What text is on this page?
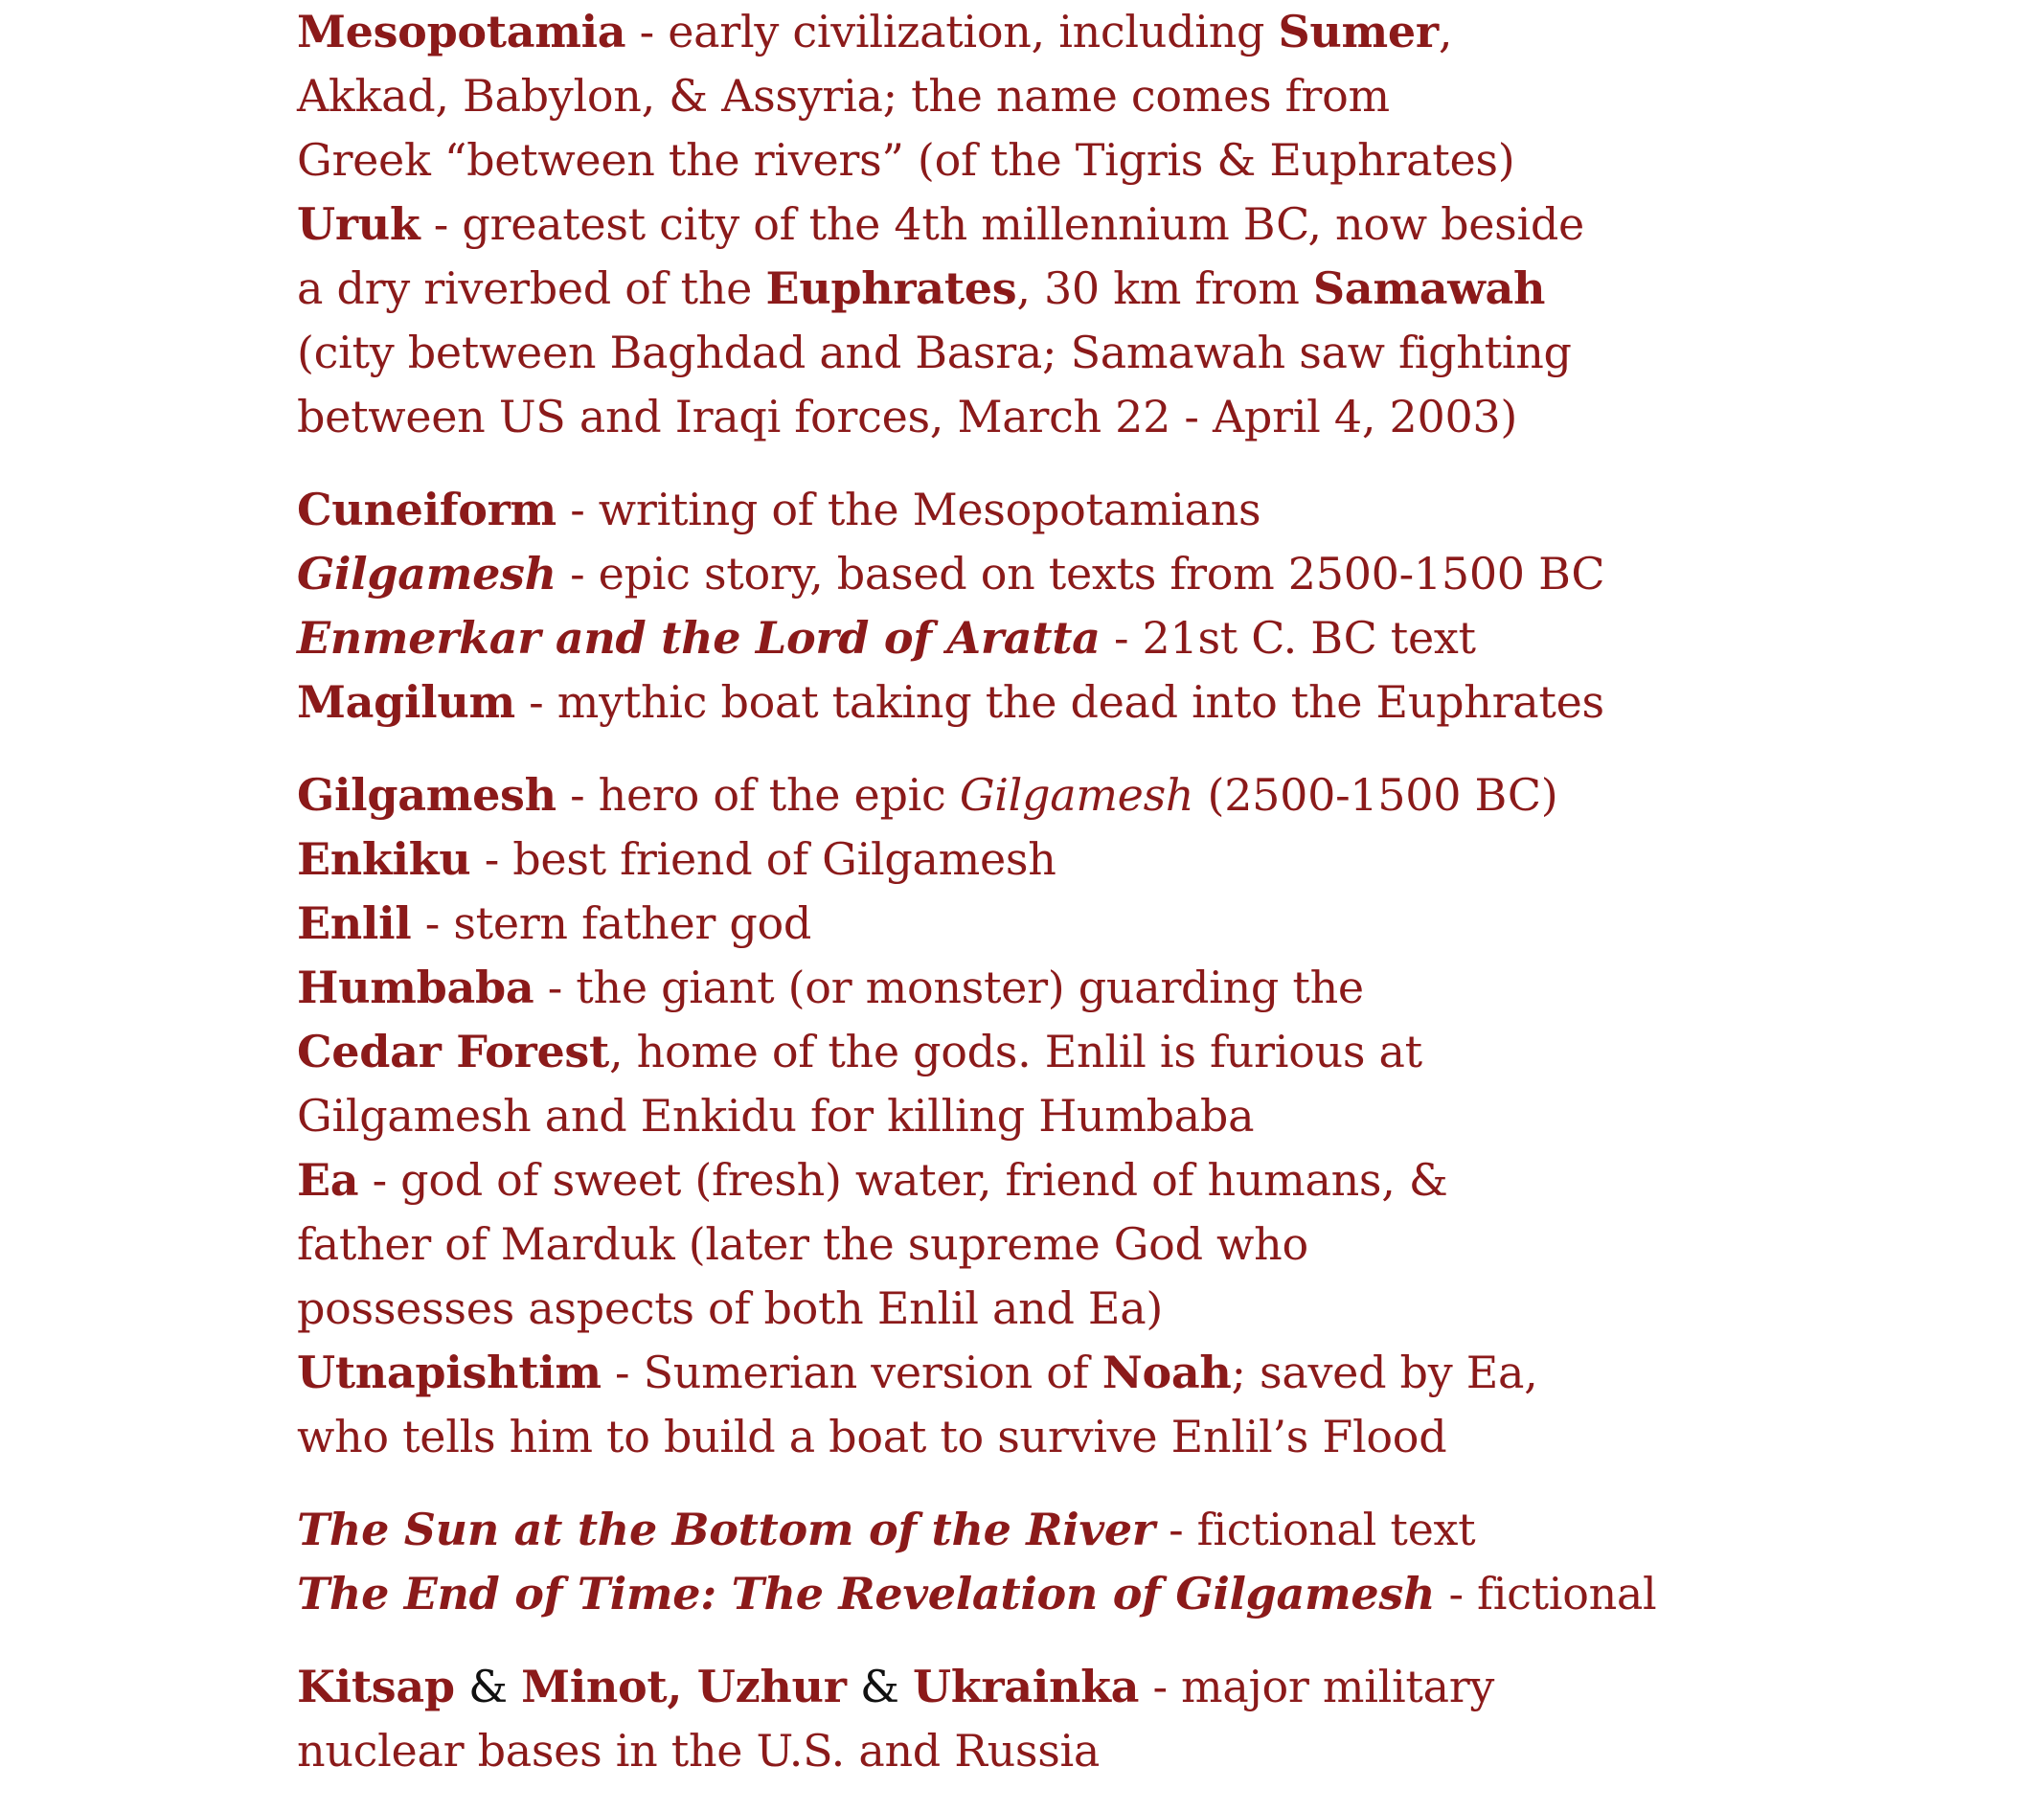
Mesopotamia - early civilization, including Sumer,
Akkad, Babylon, & Assyria; the name comes from
Greek “between the rivers” (of the Tigris & Euphrates)

Uruk - greatest city of the 4th millennium BC, now beside
a dry riverbed of the Euphrates, 30 km from Samawah
(city between Baghdad and Basra; Samawah saw fighting
between US and Iraqi forces, March 22 - April 4, 2003)

Cuneiform - writing of the Mesopotamians

Gilgamesh - epic story, based on texts from 2500-1500 BC

Enmerkar and the Lord of Aratta - 21st C. BC text

Magilum - mythic boat taking the dead into the Euphrates

Gilgamesh - hero of the epic Gilgamesh (2500-1500 BC)

Enkiku - best friend of Gilgamesh

Enlil - stern father god

Humbaba - the giant (or monster) guarding the
Cedar Forest, home of the gods. Enlil is furious at
Gilgamesh and Enkidu for killing Humbaba

Ea - god of sweet (fresh) water, friend of humans, &
father of Marduk (later the supreme God who
possesses aspects of both Enlil and Ea)

Utnapishtim - Sumerian version of Noah; saved by Ea,
who tells him to build a boat to survive Enlil’s Flood

The Sun at the Bottom of the River - fictional text

The End of Time: The Revelation of Gilgamesh - fictional

Kitsap & Minot, Uzhur & Ukrainka - major military
nuclear bases in the U.S. and Russia
